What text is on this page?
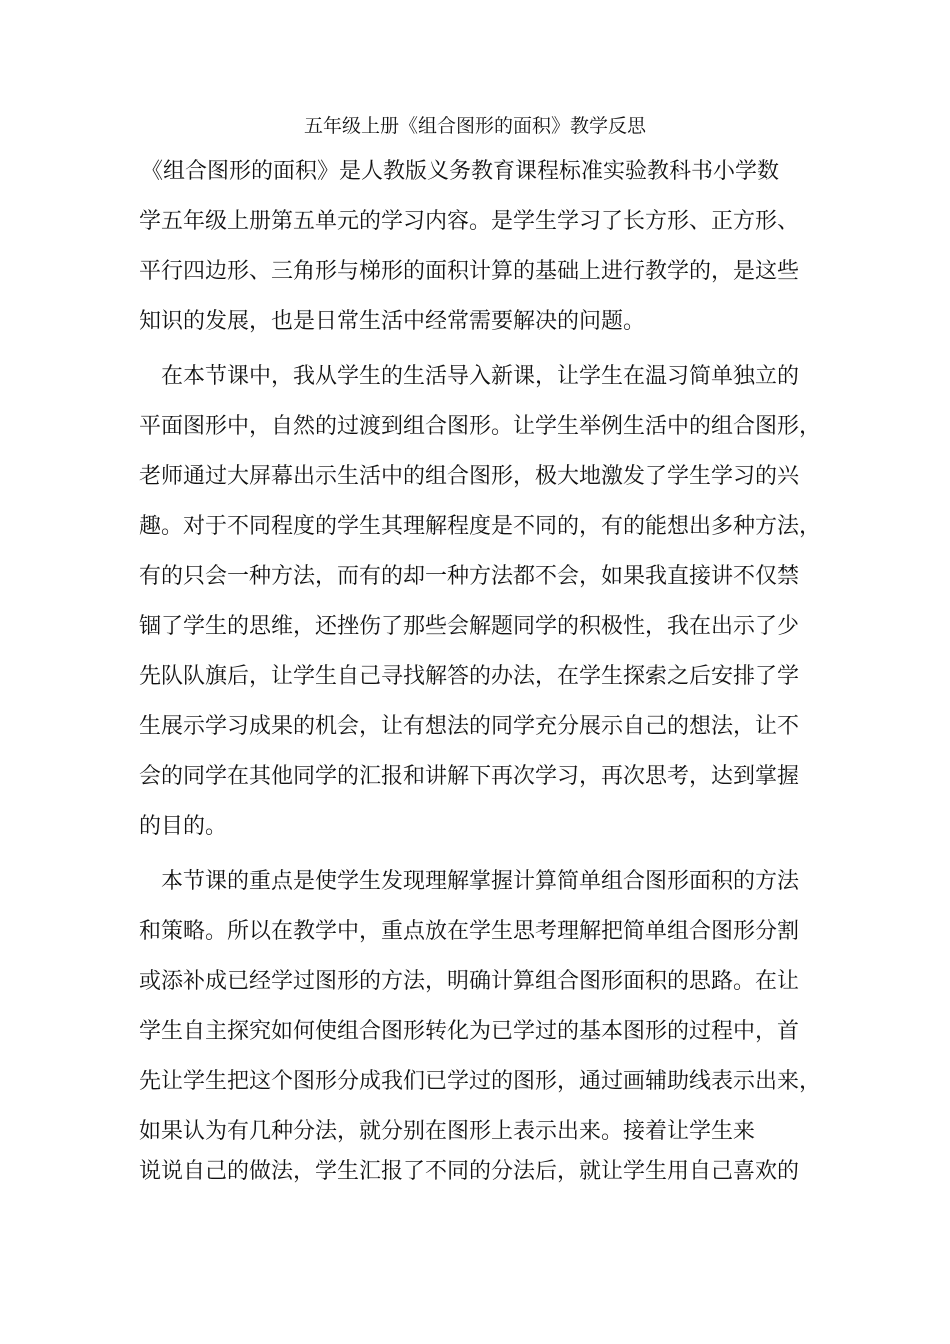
五年级上册《组合图形的面积》教学反思
《组合图形的面积》是人教版义务教育课程标准实验教科书小学数
学五年级上册第五单元的学习内容。是学生学习了长方形、正方形、
平行四边形、三角形与梯形的面积计算的基础上进行教学的，是这些
知识的发展，也是日常生活中经常需要解决的问题。
在本节课中，我从学生的生活导入新课，让学生在温习简单独立的
平面图形中，自然的过渡到组合图形。让学生举例生活中的组合图形，
老师通过大屏幕出示生活中的组合图形，极大地激发了学生学习的兴
趣。对于不同程度的学生其理解程度是不同的，有的能想出多种方法，
有的只会一种方法，而有的却一种方法都不会，如果我直接讲不仅禁
锢了学生的思维，还挫伤了那些会解题同学的积极性，我在出示了少
先队队旗后，让学生自己寻找解答的办法，在学生探索之后安排了学
生展示学习成果的机会，让有想法的同学充分展示自己的想法，让不
会的同学在其他同学的汇报和讲解下再次学习，再次思考，达到掌握
的目的。
本节课的重点是使学生发现理解掌握计算简单组合图形面积的方法
和策略。所以在教学中，重点放在学生思考理解把简单组合图形分割
或添补成已经学过图形的方法，明确计算组合图形面积的思路。在让
学生自主探究如何使组合图形转化为已学过的基本图形的过程中，首
先让学生把这个图形分成我们已学过的图形，通过画辅助线表示出来，
如果认为有几种分法，就分别在图形上表示出来。接着让学生来
说说自己的做法，学生汇报了不同的分法后，就让学生用自己喜欢的
